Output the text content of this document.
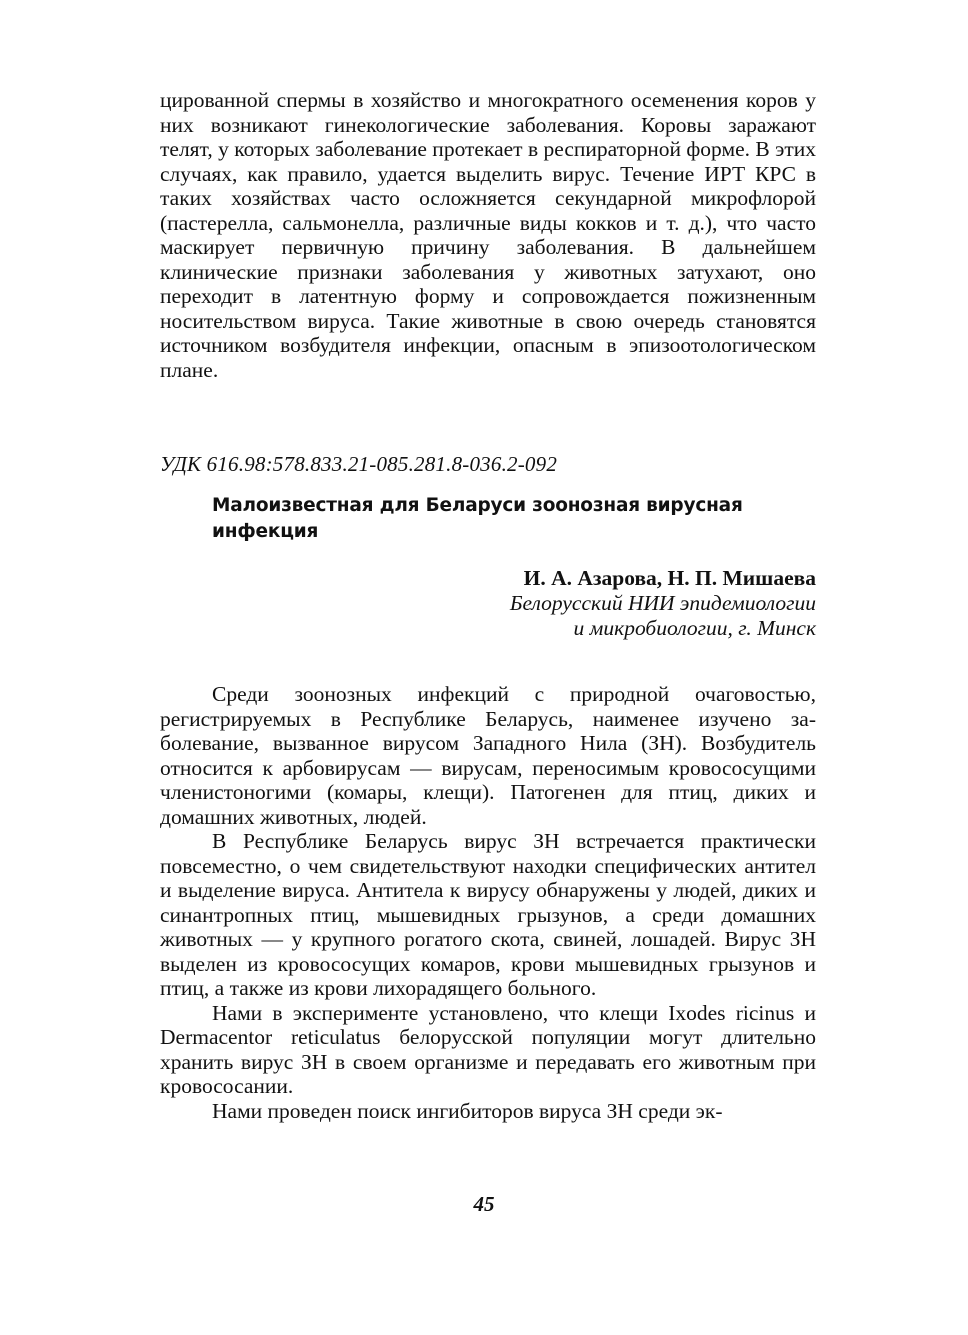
цированной спермы в хозяйство и многократного осеменения коров у них возникают гинекологические заболевания. Коровы заражают телят, у которых заболевание протекает в респираторной форме. В этих случаях, как правило, удается выделить вирус. Течение ИРТ КРС в таких хозяйствах часто осложняется секундарной микрофлорой (пастерелла, сальмонелла, различные виды кокков и т. д.), что часто маскирует первичную причину заболевания. В дальнейшем клинические признаки заболевания у животных затухают, оно переходит в латентную форму и сопровождается пожизненным носительством вируса. Такие животные в свою очередь становятся источником возбудителя инфекции, опасным в эпизоотологическом плане.

УДК 616.98:578.833.21-085.281.8-036.2-092
Малоизвестная для Беларуси зоонозная вирусная инфекция
И. А. Азарова, Н. П. Мишаева
Белорусский НИИ эпидемиологии
и микробиологии, г. Минск

Среди зоонозных инфекций с природной очаговостью, регистрируемых в Республике Беларусь, наименее изучено заболевание, вызванное вирусом Западного Нила (ЗН). Возбудитель относится к арбовирусам — вирусам, переносимым кровососущими членистоногими (комары, клещи). Патогенен для птиц, диких и домашних животных, людей.

В Республике Беларусь вирус ЗН встречается практически повсеместно, о чем свидетельствуют находки специфических антител и выделение вируса. Антитела к вирусу обнаружены у людей, диких и синантропных птиц, мышевидных грызунов, а среди домашних животных — у крупного рогатого скота, свиней, лошадей. Вирус ЗН выделен из кровососущих комаров, крови мышевидных грызунов и птиц, а также из крови лихорадящего больного.

Нами в эксперименте установлено, что клещи Ixodes ricinus и Dermacentor reticulatus белорусской популяции могут длительно хранить вирус ЗН в своем организме и передавать его животным при кровососании.

Нами проведен поиск ингибиторов вируса ЗН среди эк-

45
